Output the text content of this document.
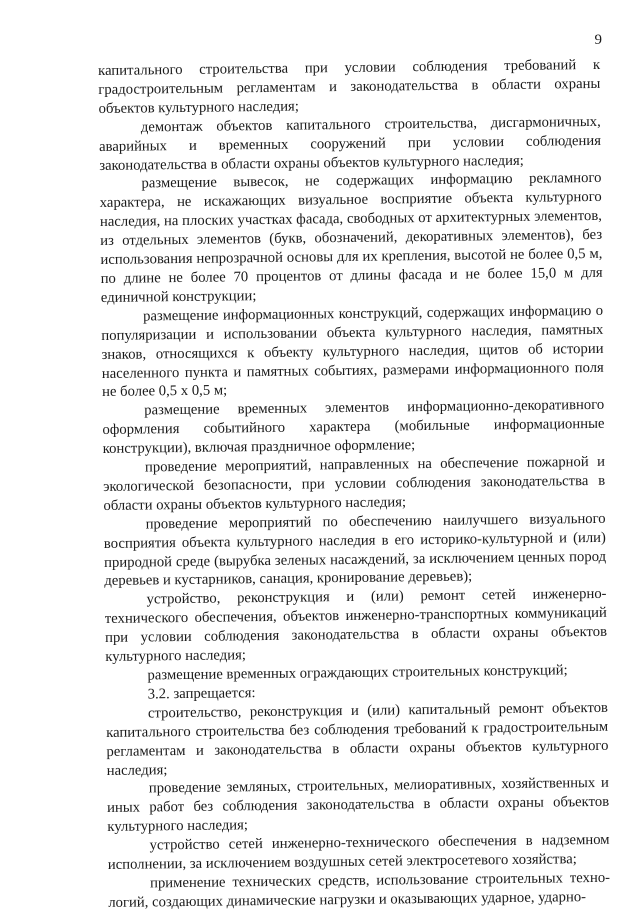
9

капитального строительства при условии соблюдения требований к градостроительным регламентам и законодательства в области охраны объектов культурного наследия;

демонтаж объектов капитального строительства, дисгармоничных, аварийных и временных сооружений при условии соблюдения законодательства в области охраны объектов культурного наследия;

размещение вывесок, не содержащих информацию рекламного характера, не искажающих визуальное восприятие объекта культурного наследия, на плоских участках фасада, свободных от архитектурных элементов, из отдельных элементов (букв, обозначений, декоративных элементов), без использования непрозрачной основы для их крепления, высотой не более 0,5 м, по длине не более 70 процентов от длины фасада и не более 15,0 м для единичной конструкции;

размещение информационных конструкций, содержащих информацию о популяризации и использовании объекта культурного наследия, памятных знаков, относящихся к объекту культурного наследия, щитов об истории населенного пункта и памятных событиях, размерами информационного поля не более 0,5 х 0,5 м;

размещение временных элементов информационно-декоративного оформления событийного характера (мобильные информационные конструкции), включая праздничное оформление;

проведение мероприятий, направленных на обеспечение пожарной и экологической безопасности, при условии соблюдения законодательства в области охраны объектов культурного наследия;

проведение мероприятий по обеспечению наилучшего визуального восприятия объекта культурного наследия в его историко-культурной и (или) природной среде (вырубка зеленых насаждений, за исключением ценных пород деревьев и кустарников, санация, кронирование деревьев);

устройство, реконструкция и (или) ремонт сетей инженерно-технического обеспечения, объектов инженерно-транспортных коммуникаций при условии соблюдения законодательства в области охраны объектов культурного наследия;

размещение временных ограждающих строительных конструкций;

3.2. запрещается:

строительство, реконструкция и (или) капитальный ремонт объектов капитального строительства без соблюдения требований к градостроительным регламентам и законодательства в области охраны объектов культурного наследия;

проведение земляных, строительных, мелиоративных, хозяйственных и иных работ без соблюдения законодательства в области охраны объектов культурного наследия;

устройство сетей инженерно-технического обеспечения в надземном исполнении, за исключением воздушных сетей электросетевого хозяйства;

применение технических средств, использование строительных техно- логий, создающих динамические нагрузки и оказывающих ударное, ударно-
